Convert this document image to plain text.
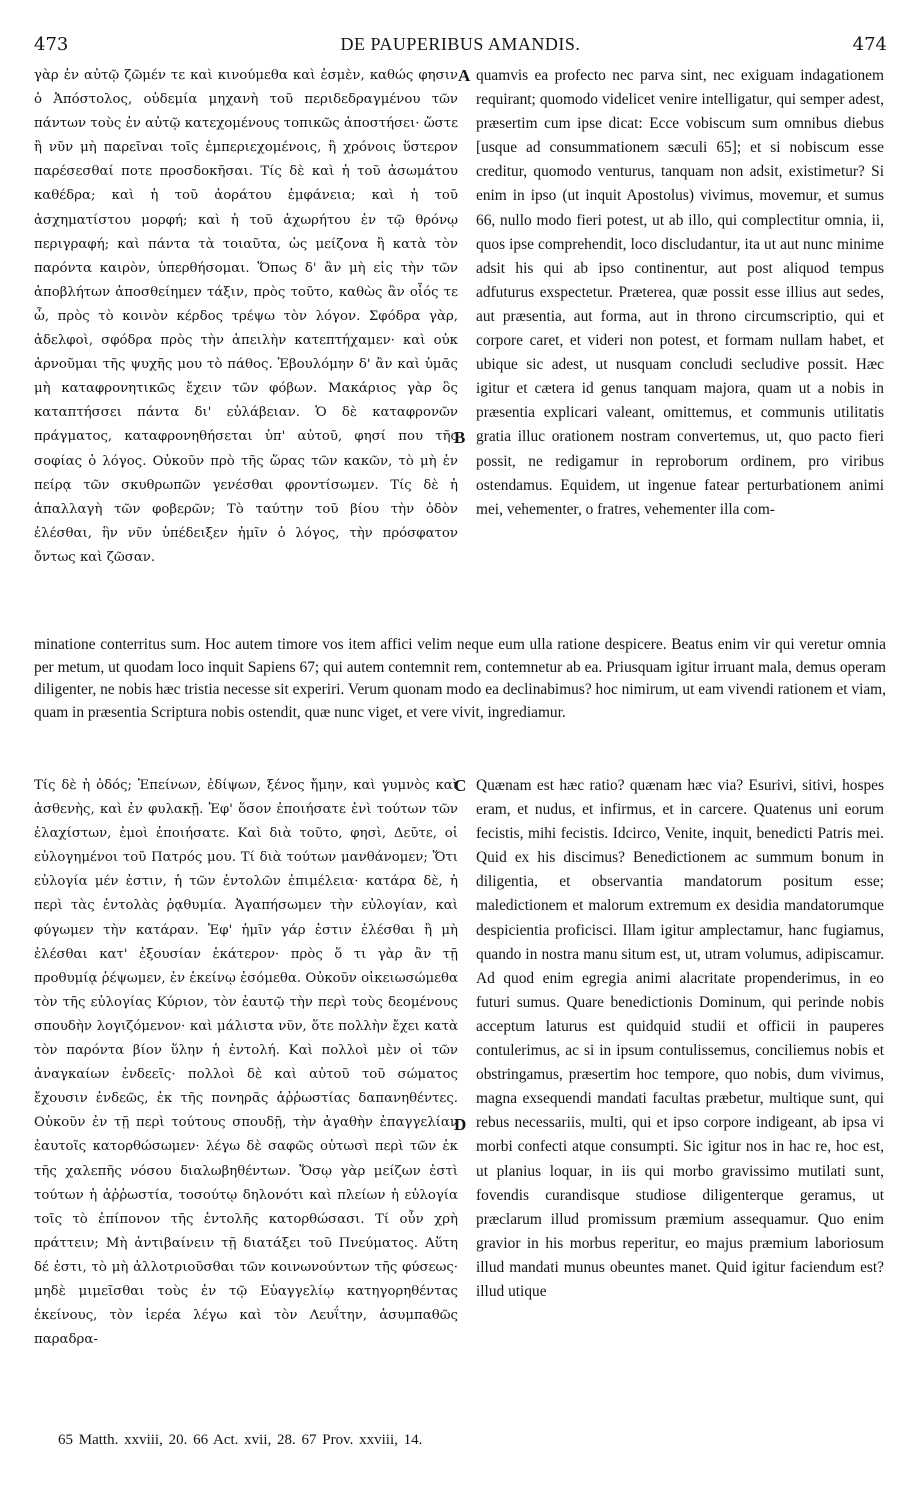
473	DE PAUPERIBUS AMANDIS.	474

γὰρ ἐν αὐτῷ ζῶμέν τε καὶ κινούμεθα καὶ ἐσμὲν, καθώς φησιν ὁ Ἀπόστολος, οὐδεμία μηχανὴ τοῦ περιδεδραγμένου τῶν πάντων τοὺς ἐν αὐτῷ κατεχομένους τοπικῶς ἀποστήσει· ὥστε ἢ νῦν μὴ παρεῖναι τοῖς ἐμπεριεχομένοις, ἢ χρόνοις ὕστερον παρέσεσθαί ποτε προσδοκῆσαι. Τίς δὲ καὶ ἡ τοῦ ἀσωμάτου καθέδρα; καὶ ἡ τοῦ ἀοράτου ἐμφάνεια; καὶ ἡ τοῦ ἀσχηματίστου μορφή; καὶ ἡ τοῦ ἀχωρήτου ἐν τῷ θρόνῳ περιγραφή; καὶ πάντα τὰ τοιαῦτα, ὡς μείζονα ἢ κατὰ τὸν παρόντα καιρὸν, ὑπερθήσομαι. Ὅπως δ' ἂν μὴ εἰς τὴν τῶν ἀποβλήτων ἀποσθείημεν τάξιν, πρὸς τοῦτο, καθὼς ἂν οἷός τε ὦ, πρὸς τὸ κοινὸν κέρδος τρέψω τὸν λόγον. Σφόδρα γὰρ, ἀδελφοὶ, σφόδρα πρὸς τὴν ἀπειλὴν κατεπτήχαμεν· καὶ οὐκ ἀρνοῦμαι τῆς ψυχῆς μου τὸ πάθος. Ἐβουλόμην δ' ἂν καὶ ὑμᾶς μὴ καταφρονητικῶς ἔχειν τῶν φόβων. Μακάριος γὰρ ὃς καταπτήσσει πάντα δι' εὐλάβειαν. Ὁ δὲ καταφρονῶν πράγματος, καταφρονηθήσεται ὑπ' αὐτοῦ, φησί που τῆς σοφίας ὁ λόγος. Οὐκοῦν πρὸ τῆς ὥρας τῶν κακῶν, τὸ μὴ ἐν πείρᾳ τῶν σκυθρωπῶν γενέσθαι φροντίσωμεν. Τίς δὲ ἡ ἀπαλλαγὴ τῶν φοβερῶν; Τὸ ταύτην τοῦ βίου τὴν ὁδὸν ἐλέσθαι, ἣν νῦν ὑπέδειξεν ἡμῖν ὁ λόγος, τὴν πρόσφατον ὄντως καὶ ζῶσαν.

quamvis ea profecto nec parva sint, nec exiguam indagationem requirant; quomodo videlicet venire intelligatur, qui semper adest, præsertim cum ipse dicat: Ecce vobiscum sum omnibus diebus [usque ad consummationem sæculi 65]; et si nobiscum esse creditur, quomodo venturus, tanquam non adsit, existimetur? Si enim in ipso (ut inquit Apostolus) vivimus, movemur, et sumus 66, nullo modo fieri potest, ut ab illo, qui complectitur omnia, ii, quos ipse comprehendit, loco discludantur, ita ut aut nunc minime adsit his qui ab ipso continentur, aut post aliquod tempus adfuturus exspectetur. Præterea, quæ possit esse illius aut sedes, aut præsentia, aut forma, aut in throno circumscriptio, qui et corpore caret, et videri non potest, et formam nullam habet, et ubique sic adest, ut nusquam concludi secludive possit. Hæc igitur et cætera id genus tanquam majora, quam ut a nobis in præsentia explicari valeant, omittemus, et communis utilitatis gratia illuc orationem nostram convertemus, ut, quo pacto fieri possit, ne redigamur in reproborum ordinem, pro viribus ostendamus. Equidem, ut ingenue fatear perturbationem animi mei, vehementer, o fratres, vehementer illa com-

A
B
minatione conterritus sum. Hoc autem timore vos item affici velim neque eum ulla ratione despicere. Beatus enim vir qui veretur omnia per metum, ut quodam loco inquit Sapiens 67; qui autem contemnit rem, contemnetur ab ea. Priusquam igitur irruant mala, demus operam diligenter, ne nobis hæc tristia necesse sit experiri. Verum quonam modo ea declinabimus? hoc nimirum, ut eam vivendi rationem et viam, quam in præsentia Scriptura nobis ostendit, quæ nunc viget, et vere vivit, ingrediamur.

Τίς δὲ ἡ ὁδός; Ἐπείνων, ἐδίψων, ξένος ἤμην, καὶ γυμνὸς καὶ ἀσθενὴς, καὶ ἐν φυλακῇ. Ἐφ' ὅσον ἐποιήσατε ἑνὶ τούτων τῶν ἐλαχίστων, ἐμοὶ ἐποιήσατε. Καὶ διὰ τοῦτο, φησὶ, Δεῦτε, οἱ εὐλογημένοι τοῦ Πατρός μου. Τί διὰ τούτων μανθάνομεν; Ὅτι εὐλογία μέν ἐστιν, ἡ τῶν ἐντολῶν ἐπιμέλεια· κατάρα δὲ, ἡ περὶ τὰς ἐντολὰς ῥᾳθυμία. Ἀγαπήσωμεν τὴν εὐλογίαν, καὶ φύγωμεν τὴν κατάραν. Ἐφ' ἡμῖν γάρ ἐστιν ἑλέσθαι ἢ μὴ ἑλέσθαι κατ' ἐξουσίαν ἑκάτερον· πρὸς ὅ τι γὰρ ἂν τῇ προθυμίᾳ ῥέψωμεν, ἐν ἐκείνῳ ἐσόμεθα. Οὐκοῦν οἰκειωσώμεθα τὸν τῆς εὐλογίας Κύριον, τὸν ἑαυτῷ τὴν περὶ τοὺς δεομένους σπουδὴν λογιζόμενον· καὶ μάλιστα νῦν, ὅτε πολλὴν ἔχει κατὰ τὸν παρόντα βίον ὕλην ἡ ἐντολή. Καὶ πολλοὶ μὲν οἱ τῶν ἀναγκαίων ἐνδεεῖς· πολλοὶ δὲ καὶ αὐτοῦ τοῦ σώματος ἔχουσιν ἐνδεῶς, ἐκ τῆς πονηρᾶς ἀῤῥωστίας δαπανηθέντες. Οὐκοῦν ἐν τῇ περὶ τούτους σπουδῇ, τὴν ἀγαθὴν ἐπαγγελίαν ἑαυτοῖς κατορθώσωμεν· λέγω δὲ σαφῶς οὑτωσὶ περὶ τῶν ἐκ τῆς χαλεπῆς νόσου διαλωβηθέντων. Ὅσῳ γὰρ μείζων ἐστὶ τούτων ἡ ἀῤῥωστία, τοσούτῳ δηλονότι καὶ πλείων ἡ εὐλογία τοῖς τὸ ἐπίπονον τῆς ἐντολῆς κατορθώσασι. Τί οὖν χρὴ πράττειν; Μὴ ἀντιβαίνειν τῇ διατάξει τοῦ Πνεύματος. Αὕτη δέ ἐστι, τὸ μὴ ἀλλοτριοῦσθαι τῶν κοινωνούντων τῆς φύσεως· μηδὲ μιμεῖσθαι τοὺς ἐν τῷ Εὐαγγελίῳ κατηγορηθέντας ἐκείνους, τὸν ἱερέα λέγω καὶ τὸν Λευΐτην, ἀσυμπαθῶς παραδρα-

Quænam est hæc ratio? quænam hæc via? Esurivi, sitivi, hospes eram, et nudus, et infirmus, et in carcere. Quatenus uni eorum fecistis, mihi fecistis. Idcirco, Venite, inquit, benedicti Patris mei. Quid ex his discimus? Benedictionem ac summum bonum in diligentia, et observantia mandatorum positum esse; maledictionem et malorum extremum ex desidia mandatorumque despicientia proficisci. Illam igitur amplectamur, hanc fugiamus, quando in nostra manu situm est, ut, utram volumus, adipiscamur. Ad quod enim egregia animi alacritate propenderimus, in eo futuri sumus. Quare benedictionis Dominum, qui perinde nobis acceptum laturus est quidquid studii et officii in pauperes contulerimus, ac si in ipsum contulissemus, conciliemus nobis et obstringamus, præsertim hoc tempore, quo nobis, dum vivimus, magna exsequendi mandati facultas præbetur, multique sunt, qui rebus necessariis, multi, qui et ipso corpore indigeant, ab ipsa vi morbi confecti atque consumpti. Sic igitur nos in hac re, hoc est, ut planius loquar, in iis qui morbo gravissimo mutilati sunt, fovendis curandisque studiose diligenterque geramus, ut præclarum illud promissum præmium assequamur. Quo enim gravior in his morbus reperitur, eo majus præmium laboriosum illud mandati munus obeuntes manet. Quid igitur faciendum est? illud utique

C
D
65 Matth. xxviii, 20. 66 Act. xvii, 28. 67 Prov. xxviii, 14.
